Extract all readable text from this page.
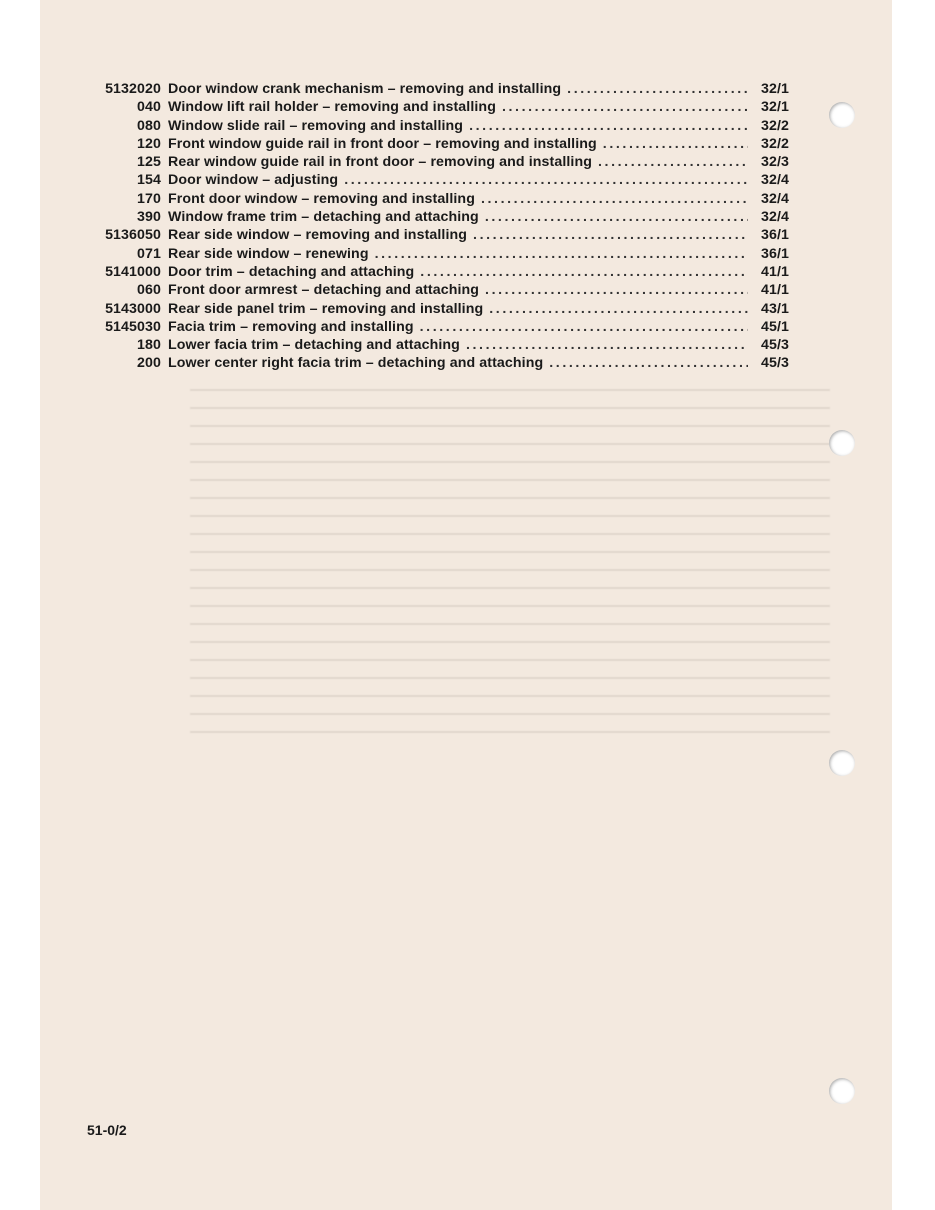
5132020 Door window crank mechanism – removing and installing .....	32/1
040 Window lift rail holder – removing and installing .....	32/1
080 Window slide rail – removing and installing .....	32/2
120 Front window guide rail in front door – removing and installing .....	32/2
125 Rear window guide rail in front door – removing and installing .....	32/3
154 Door window – adjusting .....	32/4
170 Front door window – removing and installing .....	32/4
390 Window frame trim – detaching and attaching .....	32/4
5136050 Rear side window – removing and installing .....	36/1
071 Rear side window – renewing .....	36/1
5141000 Door trim – detaching and attaching .....	41/1
060 Front door armrest – detaching and attaching .....	41/1
5143000 Rear side panel trim – removing and installing .....	43/1
5145030 Facia trim – removing and installing .....	45/1
180 Lower facia trim – detaching and attaching .....	45/3
200 Lower center right facia trim – detaching and attaching .....	45/3
51-0/2
